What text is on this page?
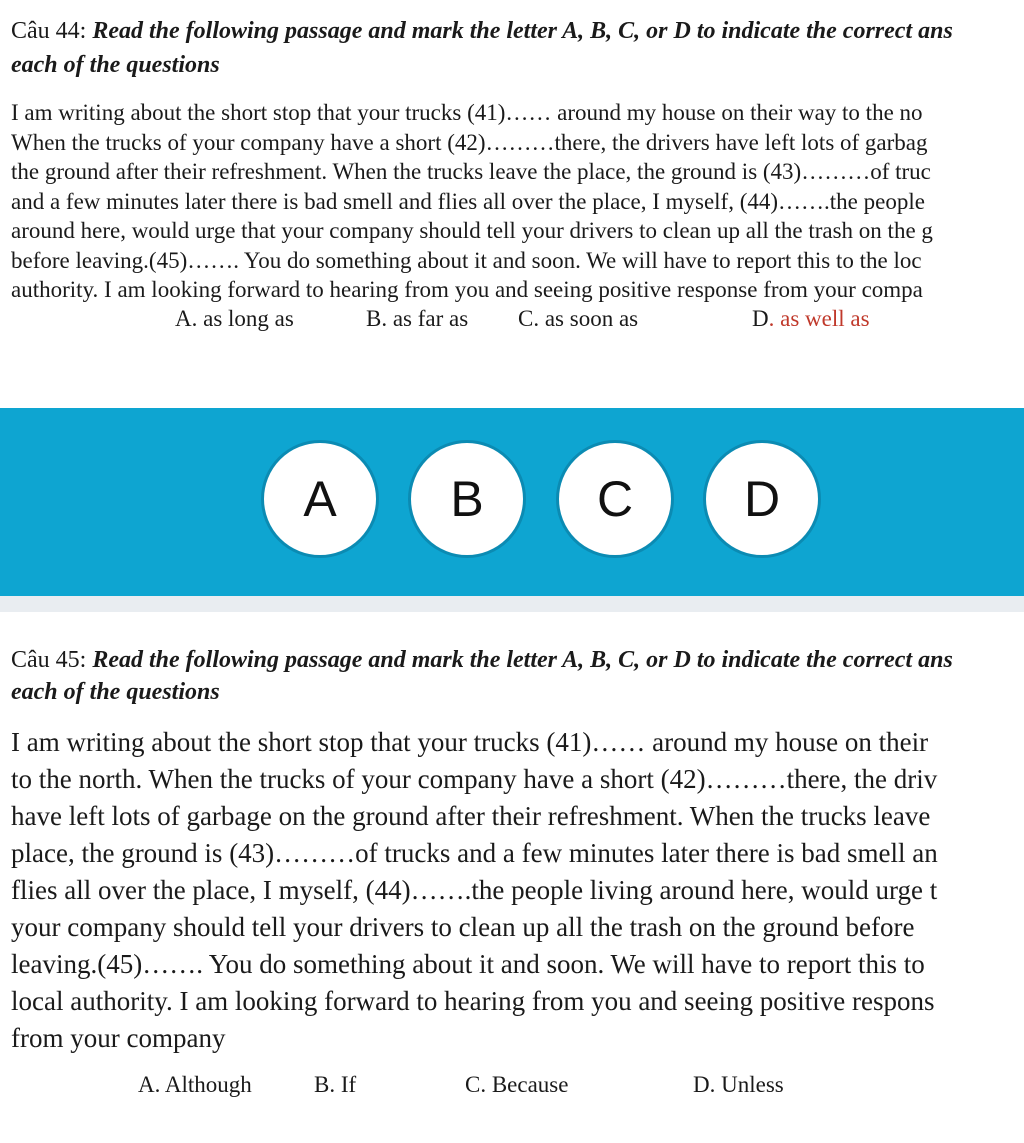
Câu 44: Read the following passage and mark the letter A, B, C, or D to indicate the correct ans
each of the questions
I am writing about the short stop that your trucks (41)…… around my house on their way to the no
When the trucks of your company have a short (42)………there, the drivers have left lots of garbag
the ground after their refreshment. When the trucks leave the place, the ground is (43)………of truc
and a few minutes later there is bad smell and flies all over the place, I myself, (44)…….the people
around here, would urge that your company should tell your drivers to clean up all the trash on the g
before leaving.(45)……. You do something about it and soon. We will have to report this to the loc
authority. I am looking forward to hearing from you and seeing positive response from your compa
A. as long as	B. as far as C. as soon as	D. as well as
A	B	C	D
Câu 45: Read the following passage and mark the letter A, B, C, or D to indicate the correct ans
each of the questions
I am writing about the short stop that your trucks (41)…… around my house on their
to the north. When the trucks of your company have a short (42)………there, the driv
have left lots of garbage on the ground after their refreshment. When the trucks leave
place, the ground is (43)………of trucks and a few minutes later there is bad smell an
flies all over the place, I myself, (44)…….the people living around here, would urge t
your company should tell your drivers to clean up all the trash on the ground before
leaving.(45)……. You do something about it and soon. We will have to report this to
local authority. I am looking forward to hearing from you and seeing positive respons
from your company
A. Although	B. If	C. Because	D. Unless
